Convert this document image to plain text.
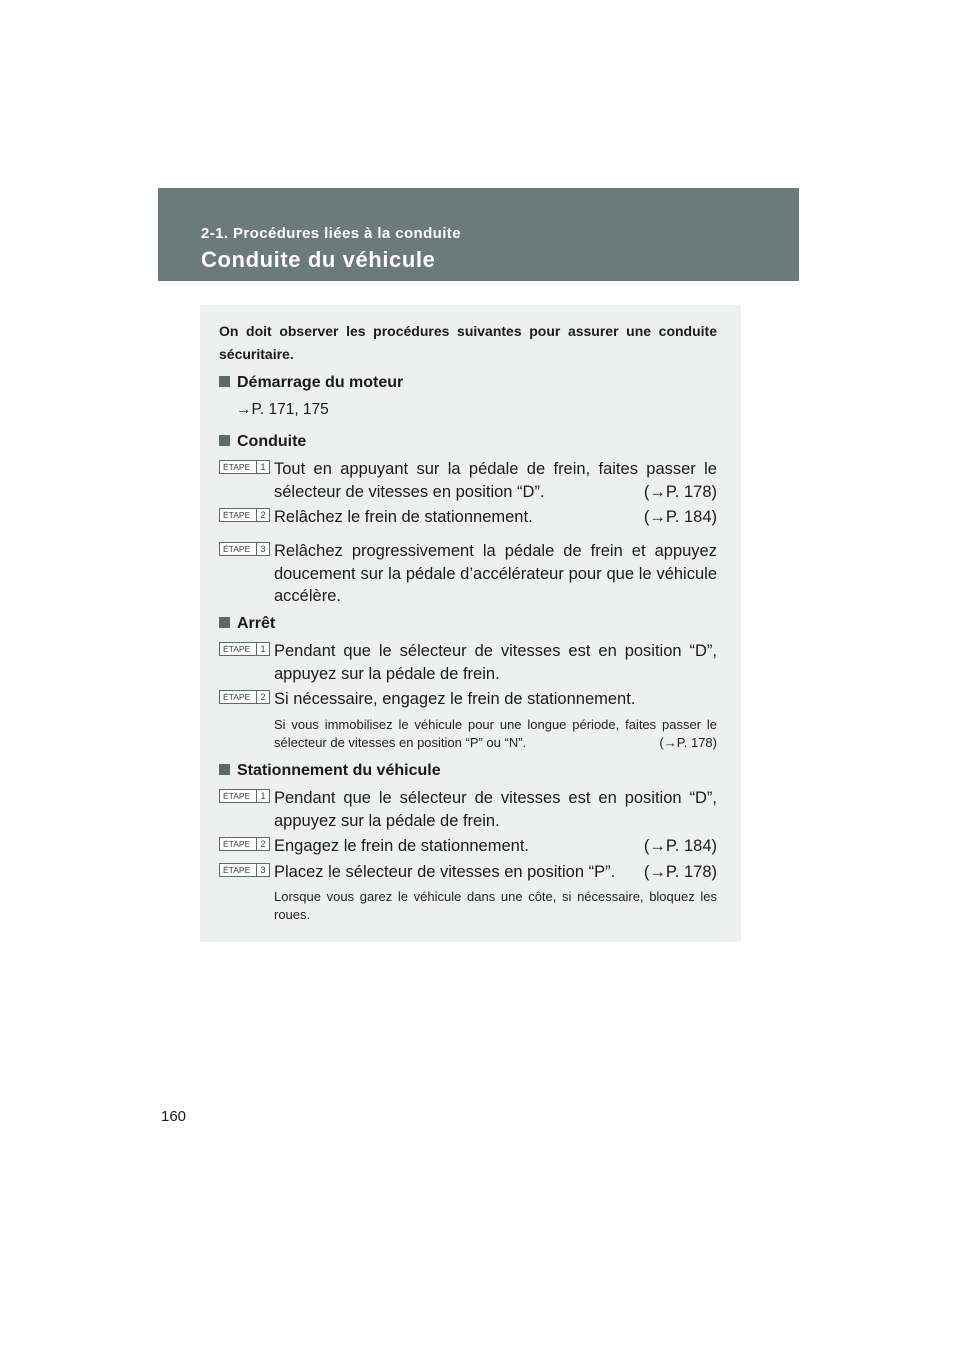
2-1. Procédures liées à la conduite
Conduite du véhicule
On doit observer les procédures suivantes pour assurer une conduite sécuritaire.
Démarrage du moteur
→P. 171, 175
Conduite
ÉTAPE	1 Tout en appuyant sur la pédale de frein, faites passer le sélecteur de vitesses en position “D”.	(→P. 178)
ÉTAPE	2 Relâchez le frein de stationnement.	(→P. 184)
ÉTAPE	3 Relâchez progressivement la pédale de frein et appuyez doucement sur la pédale d’accélérateur pour que le véhicule accélère.
Arrêt
ÉTAPE	1 Pendant que le sélecteur de vitesses est en position “D”, appuyez sur la pédale de frein.
ÉTAPE	2 Si nécessaire, engagez le frein de stationnement.
Si vous immobilisez le véhicule pour une longue période, faites passer le sélecteur de vitesses en position “P” ou “N”.	(→P. 178)
Stationnement du véhicule
ÉTAPE	1 Pendant que le sélecteur de vitesses est en position “D”, appuyez sur la pédale de frein.
ÉTAPE	2 Engagez le frein de stationnement.	(→P. 184)
ÉTAPE	3 Placez le sélecteur de vitesses en position “P”. (→P. 178)
Lorsque vous garez le véhicule dans une côte, si nécessaire, bloquez les roues.
160
